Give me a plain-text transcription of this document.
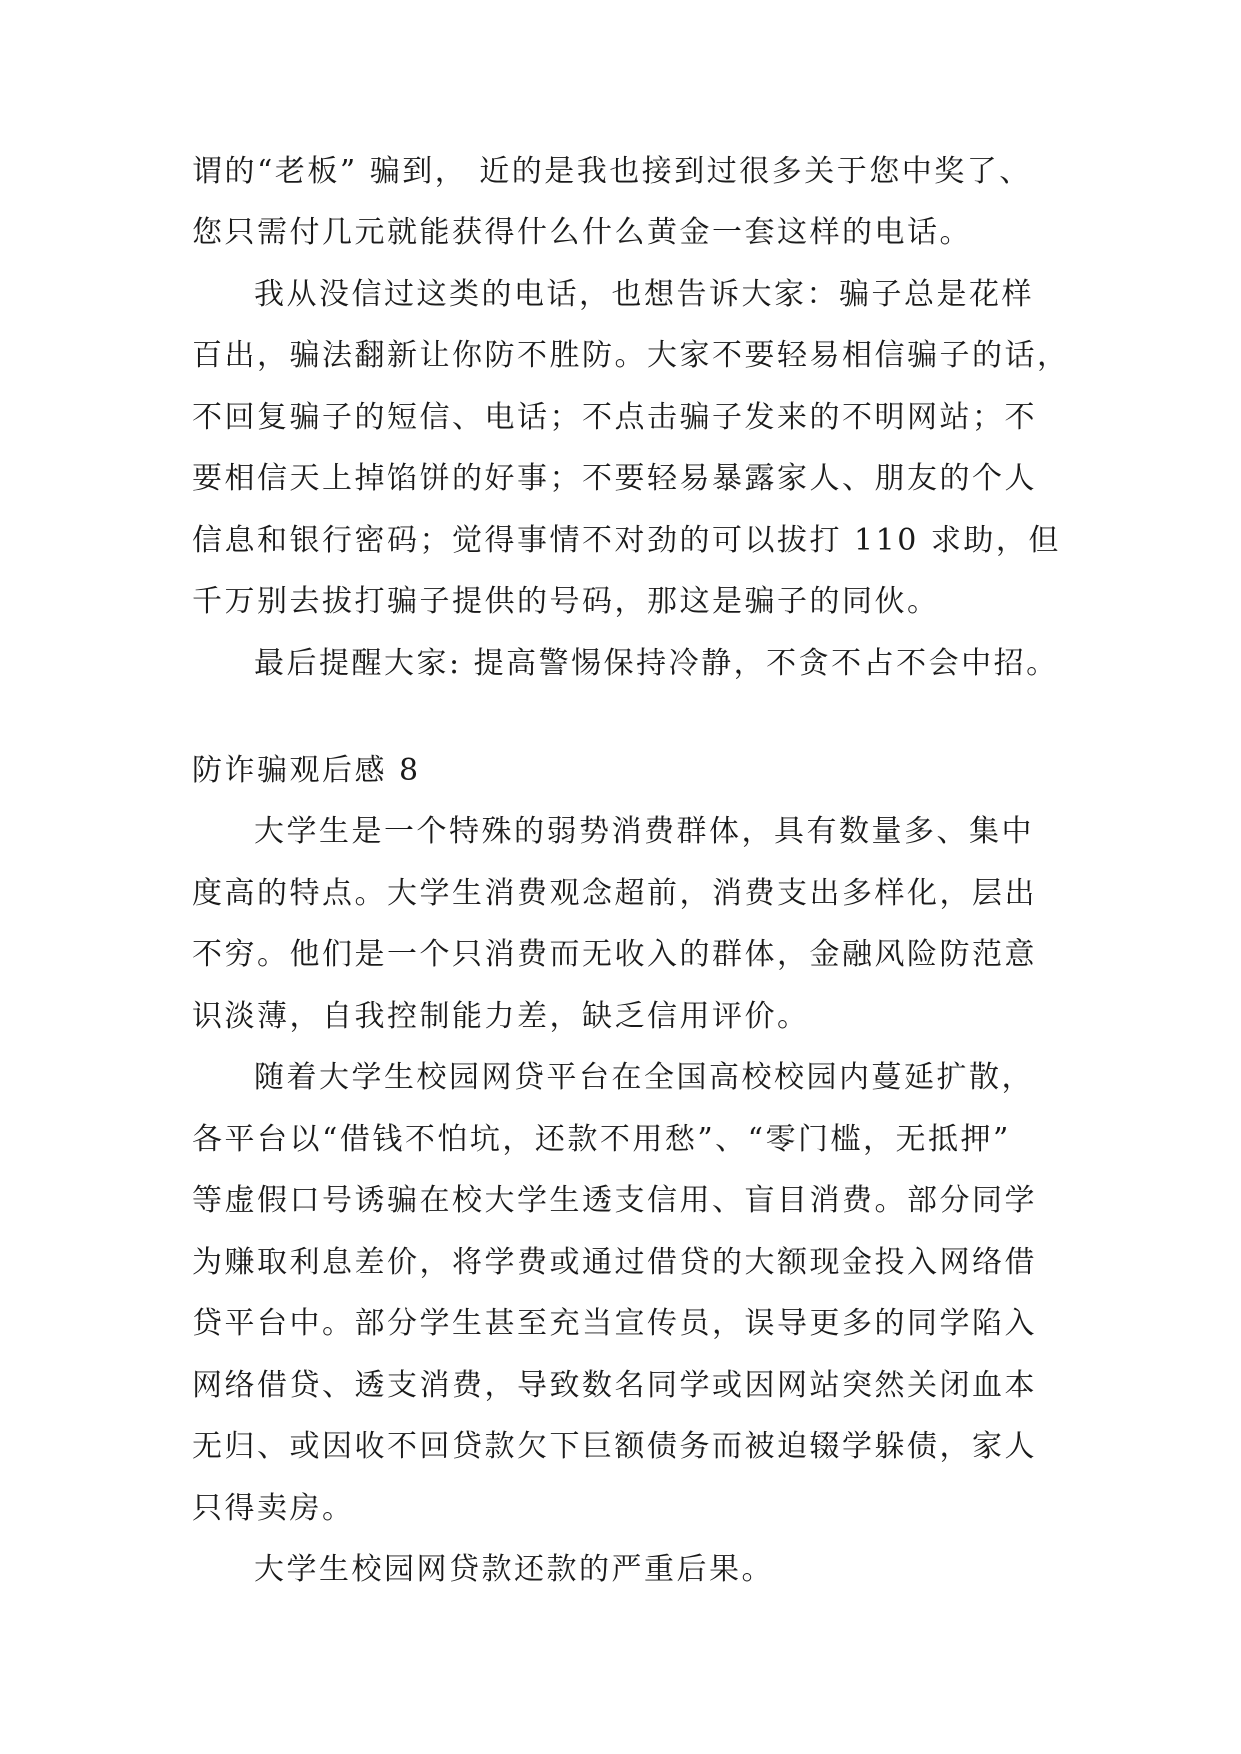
谓的“老板” 骗到， 近的是我也接到过很多关于您中奖了、
您只需付几元就能获得什么什么黄金一套这样的电话。
我从没信过这类的电话，也想告诉大家：骗子总是花样
百出，骗法翻新让你防不胜防。大家不要轻易相信骗子的话，
不回复骗子的短信、电话；不点击骗子发来的不明网站；不
要相信天上掉馅饼的好事；不要轻易暴露家人、朋友的个人
信息和银行密码；觉得事情不对劲的可以拔打 110 求助，但
千万别去拔打骗子提供的号码，那这是骗子的同伙。
最后提醒大家: 提高警惕保持冷静，不贪不占不会中招。
防诈骗观后感 8
大学生是一个特殊的弱势消费群体，具有数量多、集中
度高的特点。大学生消费观念超前，消费支出多样化，层出
不穷。他们是一个只消费而无收入的群体，金融风险防范意
识淡薄，自我控制能力差，缺乏信用评价。
随着大学生校园网贷平台在全国高校校园内蔓延扩散，
各平台以“借钱不怕坑，还款不用愁”、“零门槛，无抵押”
等虚假口号诱骗在校大学生透支信用、盲目消费。部分同学
为赚取利息差价，将学费或通过借贷的大额现金投入网络借
贷平台中。部分学生甚至充当宣传员，误导更多的同学陷入
网络借贷、透支消费，导致数名同学或因网站突然关闭血本
无归、或因收不回贷款欠下巨额债务而被迫辍学躲债，家人
只得卖房。
大学生校园网贷款还款的严重后果。
